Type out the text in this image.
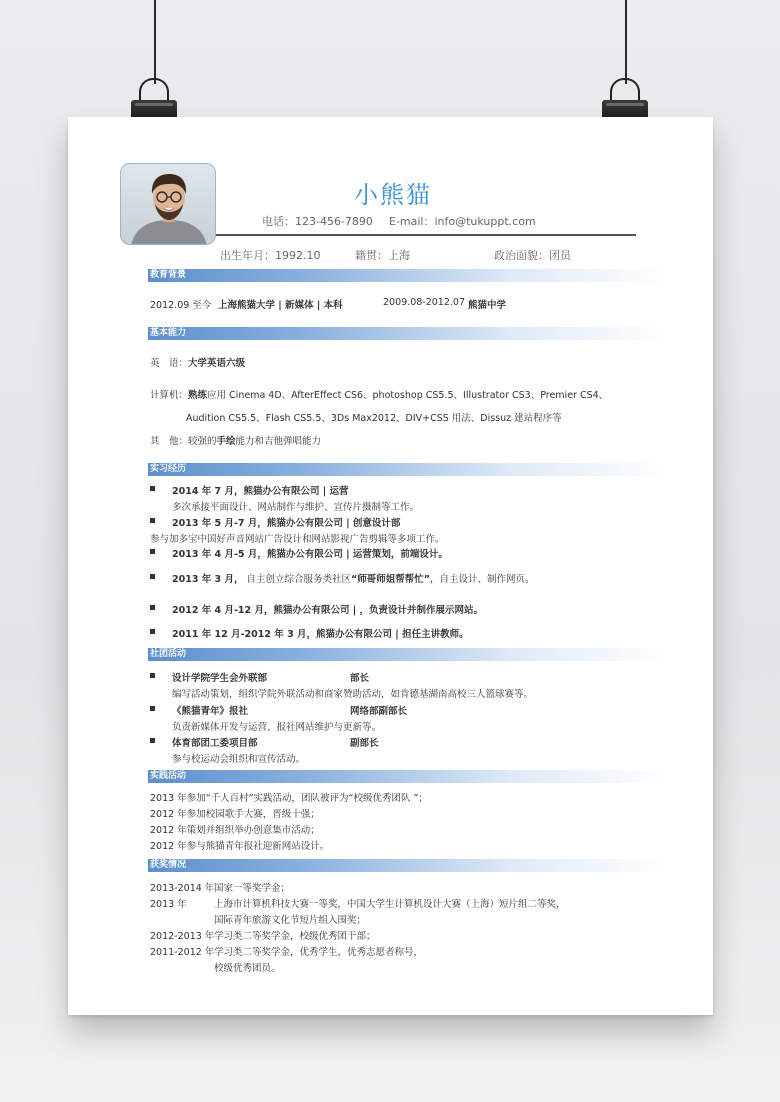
小熊猫
电话：123-456-7890 E-mail：info@tukuppt.com
出生年月：1992.10	籍贯：上海	政治面貌：团员
教育背景
2012.09 至今 上海熊猫大学 | 新媒体 | 本科	2009.08-2012.07 熊猫中学
基本能力
英　语：大学英语六级
计算机：熟练应用 Cinema 4D、AfterEffect CS6、photoshop CS5.5、Illustrator CS3、Premier CS4、
Audition CS5.5、Flash CS5.5、3Ds Max2012、DIV+CSS 用法、Dissuz 建站程序等
其　他：较强的手绘能力和吉他弹唱能力
实习经历
2014 年 7 月，熊猫办公有限公司 | 运营
多次承接平面设计、网站制作与维护、宣传片摄制等工作。
2013 年 5 月-7 月，熊猫办公有限公司 | 创意设计部
参与加多宝中国好声音网站广告设计和网站影视广告剪辑等多项工作。
2013 年 4 月-5 月，熊猫办公有限公司 | 运营策划，前端设计。
2013 年 3 月， 自主创立综合服务类社区“师哥师姐帮帮忙”，自主设计、制作网页。
2012 年 4 月-12 月，熊猫办公有限公司 | ，负责设计并制作展示网站。
2011 年 12 月-2012 年 3 月，熊猫办公有限公司 | 担任主讲教师。
社团活动
设计学院学生会外联部	部长
编写活动策划，组织学院外联活动和商家赞助活动，如肯德基湖南高校三人篮球赛等。
《熊猫青年》报社	网络部副部长
负责新媒体开发与运营、报社网站维护与更新等。
体育部团工委项目部	副部长
参与校运动会组织和宣传活动。
实践活动
2013 年参加“千人百村”实践活动，团队被评为“校级优秀团队 ”；
2012 年参加校园歌手大赛，晋级十强；
2012 年策划并组织举办创意集市活动；
2012 年参与熊猫青年报社迎新网站设计。
获奖情况
2013-2014 年 国家一等奖学金；
2013 年	上海市计算机科技大赛一等奖，中国大学生计算机设计大赛（上海）短片组二等奖，
国际青年旅游文化节短片组入围奖；
2012-2013 年 学习类二等奖学金，校级优秀团干部；
2011-2012 年 学习类二等奖学金，优秀学生，优秀志愿者称号，
校级优秀团员。
